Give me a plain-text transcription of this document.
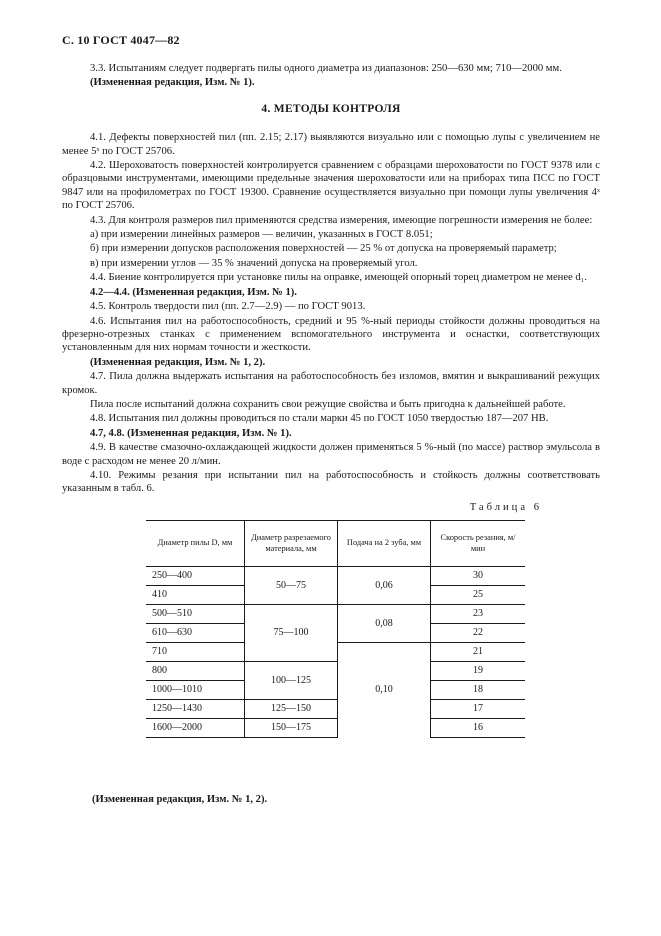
С. 10 ГОСТ 4047—82
3.3. Испытаниям следует подвергать пилы одного диаметра из диапазонов: 250—630 мм; 710—2000 мм.
(Измененная редакция, Изм. № 1).
4. МЕТОДЫ КОНТРОЛЯ
4.1. Дефекты поверхностей пил (пп. 2.15; 2.17) выявляются визуально или с помощью лупы с увеличением не менее 5ˣ по ГОСТ 25706.
4.2. Шероховатость поверхностей контролируется сравнением с образцами шероховатости по ГОСТ 9378 или с образцовыми инструментами, имеющими предельные значения шероховатости или на приборах типа ПСС по ГОСТ 9847 или на профилометрах по ГОСТ 19300. Сравнение осуществляется визуально при помощи лупы увеличения 4ˣ по ГОСТ 25706.
4.3. Для контроля размеров пил применяются средства измерения, имеющие погрешности измерения не более:
а) при измерении линейных размеров — величин, указанных в ГОСТ 8.051;
б) при измерении допусков расположения поверхностей — 25 % от допуска на проверяемый параметр;
в) при измерении углов — 35 % значений допуска на проверяемый угол.
4.4. Биение контролируется при установке пилы на оправке, имеющей опорный торец диаметром не менее d₁.
4.2—4.4. (Измененная редакция, Изм. № 1).
4.5. Контроль твердости пил (пп. 2.7—2.9) — по ГОСТ 9013.
4.6. Испытания пил на работоспособность, средний и 95 %-ный периоды стойкости должны проводиться на фрезерно-отрезных станках с применением вспомогательного инструмента и оснастки, соответствующих установленным для них нормам точности и жесткости.
(Измененная редакция, Изм. № 1, 2).
4.7. Пила должна выдержать испытания на работоспособность без изломов, вмятин и выкрашиваний режущих кромок.
Пила после испытаний должна сохранить свои режущие свойства и быть пригодна к дальнейшей работе.
4.8. Испытания пил должны проводиться по стали марки 45 по ГОСТ 1050 твердостью 187—207 НВ.
4.7, 4.8. (Измененная редакция, Изм. № 1).
4.9. В качестве смазочно-охлаждающей жидкости должен применяться 5 %-ный (по массе) раствор эмульсола в воде с расходом не менее 20 л/мин.
4.10. Режимы резания при испытании пил на работоспособность и стойкость должны соответствовать указанным в табл. 6.
Таблица 6
Диаметр пилы D, мм	Диаметр разрезаемого материала, мм	Подача на 2 зуба, мм	Скорость резания, м/мин
250—400	50—75	0,06	30
410			25
500—510	75—100	0,08	23
610—630			22
710		0,10	21
800	100—125		19
1000—1010			18
1250—1430	125—150		17
1600—2000	150—175		16
(Измененная редакция, Изм. № 1, 2).
